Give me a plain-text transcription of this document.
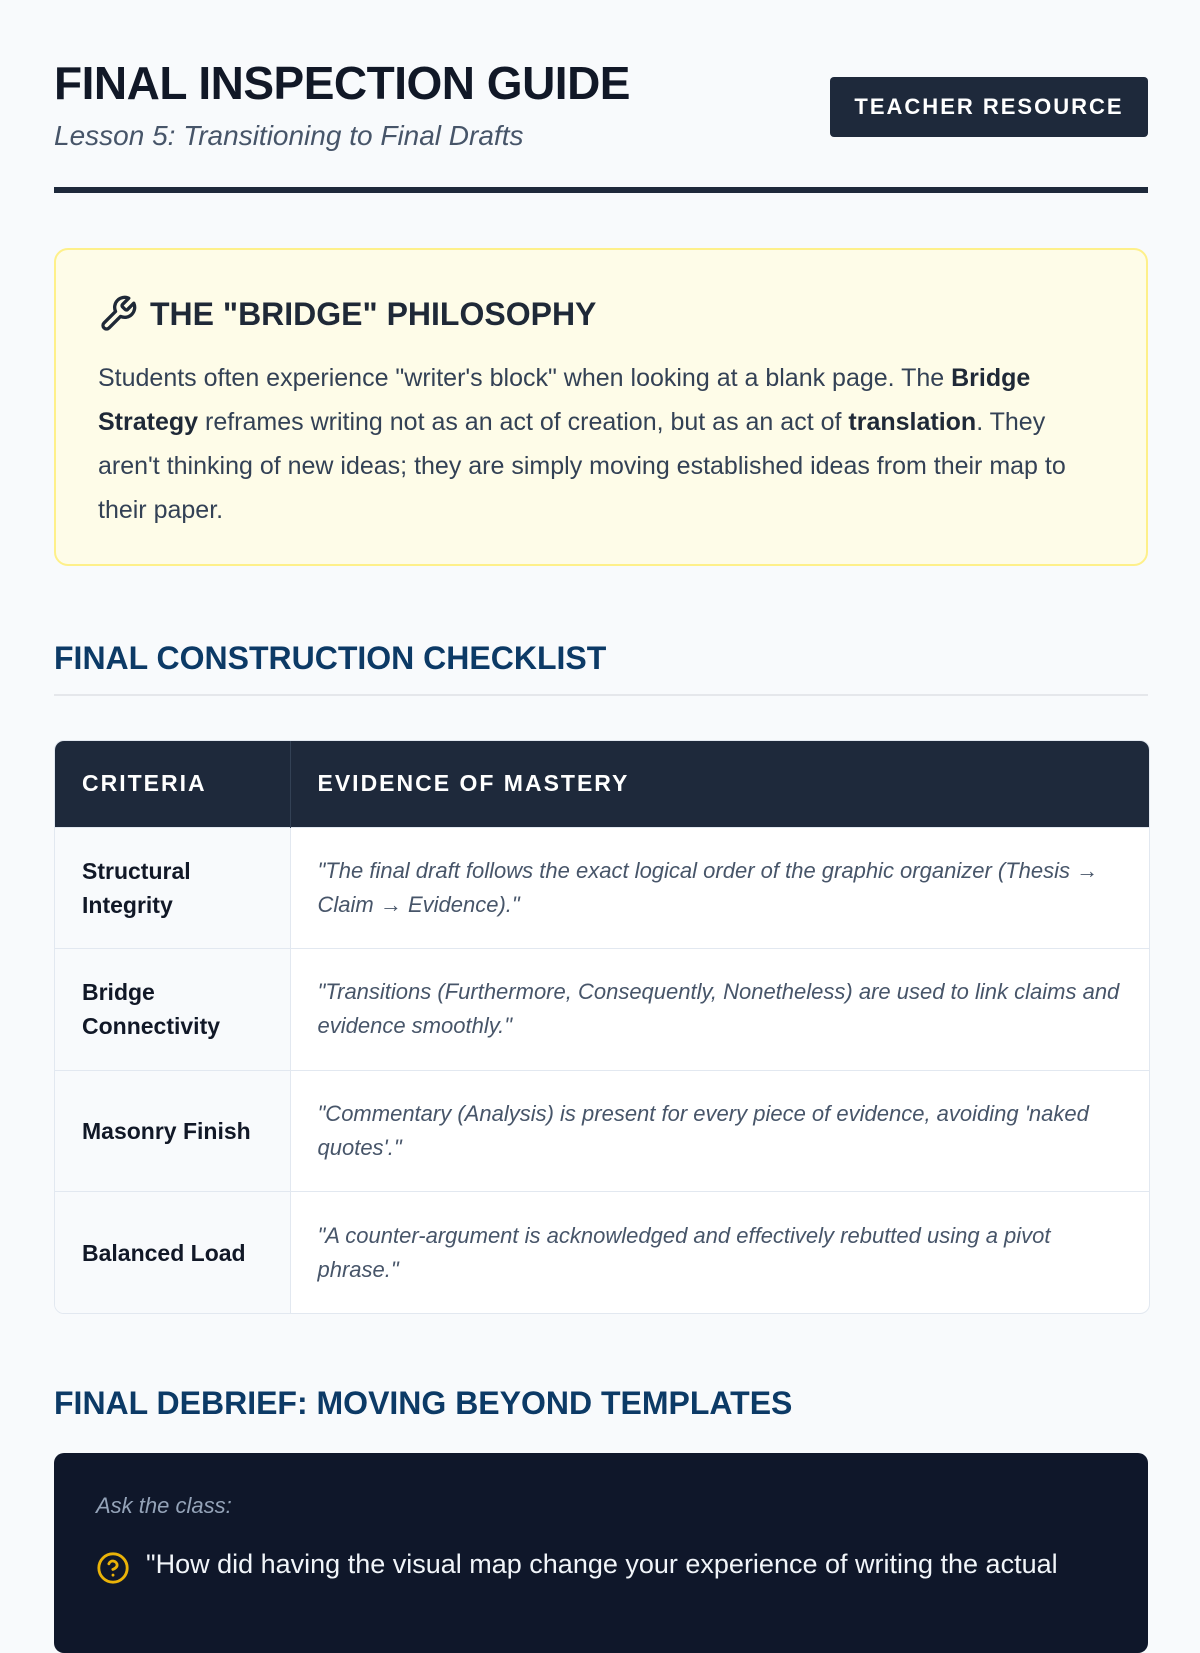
FINAL INSPECTION GUIDE

Lesson 5: Transitioning to Final Drafts

TEACHER RESOURCE
THE "BRIDGE" PHILOSOPHY

Students often experience "writer's block" when looking at a blank page. The Bridge Strategy reframes writing not as an act of creation, but as an act of translation. They aren't thinking of new ideas; they are simply moving established ideas from their map to their paper.

FINAL CONSTRUCTION CHECKLIST
CRITERIA	EVIDENCE OF MASTERY
Structural Integrity	"The final draft follows the exact logical order of the graphic organizer (Thesis → Claim → Evidence)."
Bridge Connectivity	"Transitions (Furthermore, Consequently, Nonetheless) are used to link claims and evidence smoothly."
Masonry Finish	"Commentary (Analysis) is present for every piece of evidence, avoiding 'naked quotes'."
Balanced Load	"A counter-argument is acknowledged and effectively rebutted using a pivot phrase."
FINAL DEBRIEF: MOVING BEYOND TEMPLATES

Ask the class:

"How did having the visual map change your experience of writing the actual
